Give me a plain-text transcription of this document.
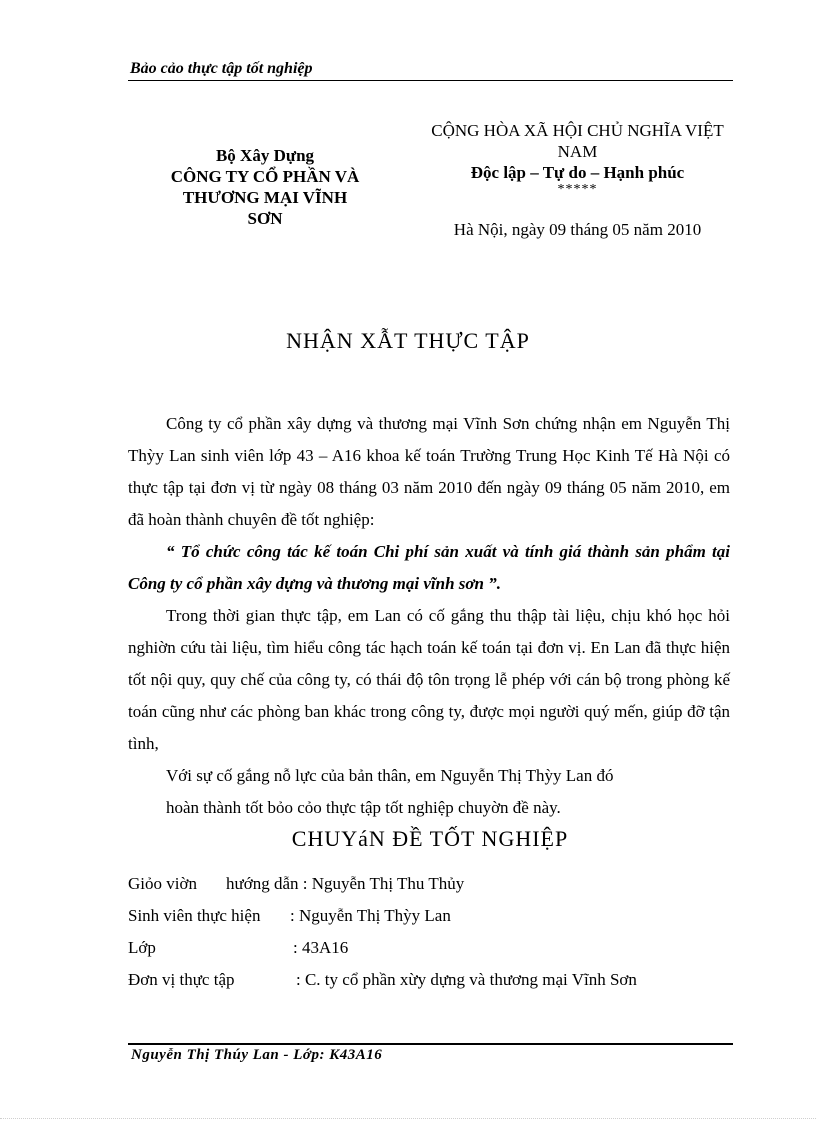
Bảo cảo thực tập tốt nghiệp
Bộ Xây Dựng
CÔNG TY CỔ PHẦN VÀ
THƯƠNG MẠI VĨNH
SƠN
CỘNG HÒA XÃ HỘI CHỦ NGHĨA VIỆT
NAM
Độc lập – Tự do – Hạnh phúc
*****
Hà Nội, ngày 09 tháng 05 năm 2010
NHẬN XẪT THỰC TẬP

Công ty cổ phần xây dựng và thương mại Vĩnh Sơn chứng nhận em Nguyễn Thị Thỳy Lan sinh viên lớp 43 – A16 khoa kế toán Trường Trung Học Kinh Tế Hà Nội có thực tập tại đơn vị từ ngày 08 tháng 03 năm 2010 đến ngày 09 tháng 05 năm 2010, em đã hoàn thành chuyên đề tốt nghiệp:

“ Tổ chức công tác kế toán Chi phí sản xuất và tính giá thành sản phẩm tại Công ty cổ phần xây dựng và thương mại vĩnh sơn ”.

Trong thời gian thực tập, em Lan có cố gắng thu thập tài liệu, chịu khó học hỏi nghiờn cứu tài liệu, tìm hiểu công tác hạch toán kế toán tại đơn vị. En Lan đã thực hiện tốt nội quy, quy chế của công ty, có thái độ tôn trọng lễ phép với cán bộ trong phòng kế toán cũng như các phòng ban khác trong công ty, được mọi người quý mến, giúp đỡ tận tình,

Với sự cố gắng nỗ lực của bản thân, em Nguyễn Thị Thỳy Lan đó

hoàn thành tốt bỏo cỏo thực tập tốt nghiệp chuyờn đề này.

CHUYáN ĐỀ TỐT NGHIỆP
Giỏo viờn	hướng dẫn : Nguyễn Thị Thu Thủy
Sinh viên thực hiện	: Nguyễn Thị Thỳy Lan
Lớp	: 43A16
Đơn vị thực tập	: C. ty cổ phần xừy dựng và thương mại Vĩnh Sơn
Nguyễn Thị Thúy Lan - Lớp: K43A16
